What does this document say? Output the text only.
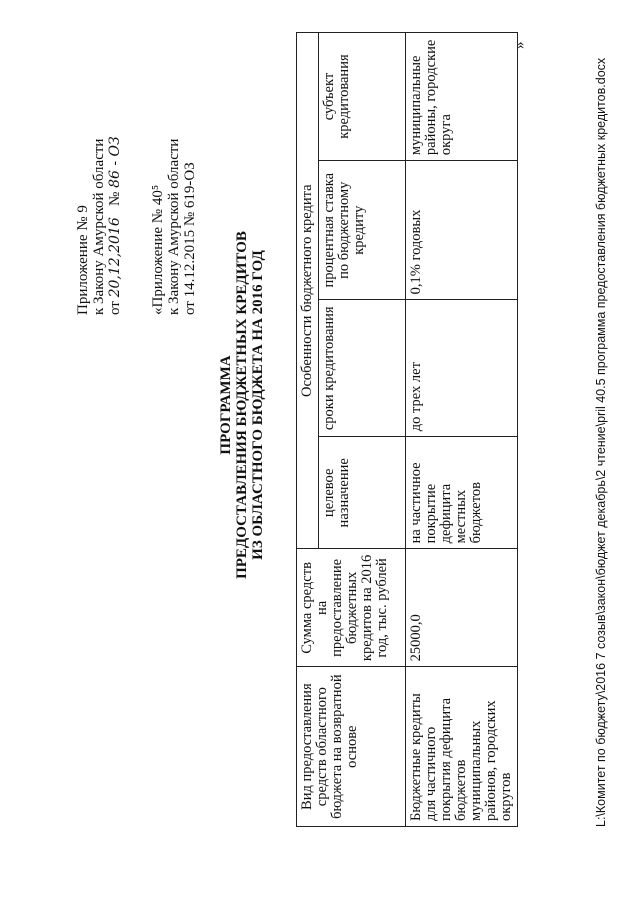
Приложение № 9 к Закону Амурской области от 20,12,2016   № 86 - ОЗ
«Приложение № 40⁵ к Закону Амурской области от 14.12.2015 № 619-ОЗ
ПРОГРАММА ПРЕДОСТАВЛЕНИЯ БЮДЖЕТНЫХ КРЕДИТОВ ИЗ ОБЛАСТНОГО БЮДЖЕТА НА 2016 ГОД
Вид предоставления средств областного бюджета на возвратной основе	Сумма средств на предоставление бюджетных кредитов на 2016 год, тыс. рублей	Особенности бюджетного кредита			
		целевое назначение	сроки кредитования	процентная ставка по бюджетному кредиту	субъект кредитования
Бюджетные кредиты для частичного покрытия дефицита бюджетов муниципальных районов, городских округов	25000,0	на частичное покрытие дефицита местных бюджетов	до трех лет	0,1% годовых	муниципальные районы, городские округа
»
L:\Комитет по бюджету\2016 7 созыв\закон\бюджет декабрь\2 чтение\pril 40.5 программа предоставления бюджетных кредитов.docx
